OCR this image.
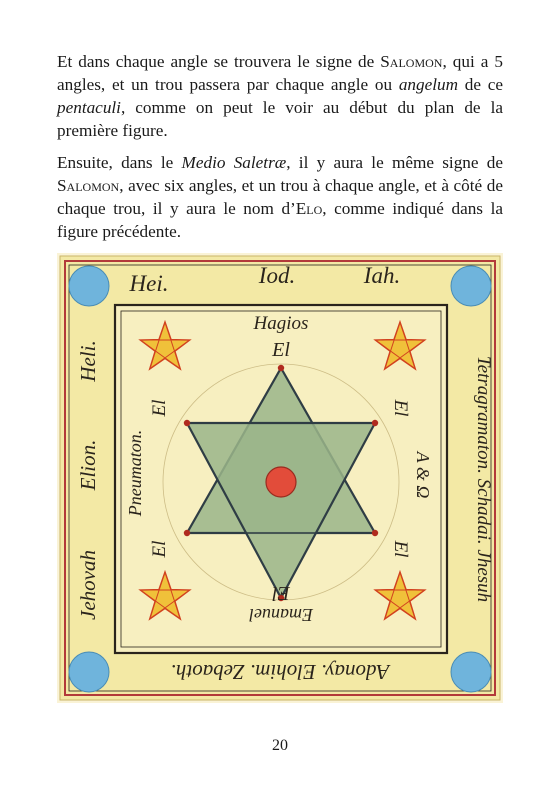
Et dans chaque angle se trouvera le signe de Salomon, qui a 5 angles, et un trou passera par chaque angle ou angelum de ce pentaculi, comme on peut le voir au début du plan de la première figure.

Ensuite, dans le Medio Saletræ, il y aura le même signe de Salomon, avec six angles, et un trou à chaque angle, et à côté de chaque trou, il y aura le nom d’Elo, comme indiqué dans la figure précédente.

Hei.	Iod.	Iah.
Tetragramaton. Schadai. Jhesuh
Adonay. Elohim. Zebaoth.
Jehovah
Elion.
Heli.
Hagios
El
Emanuel
El
Pneumaton.
El
El
A & Ω
El
El
20
